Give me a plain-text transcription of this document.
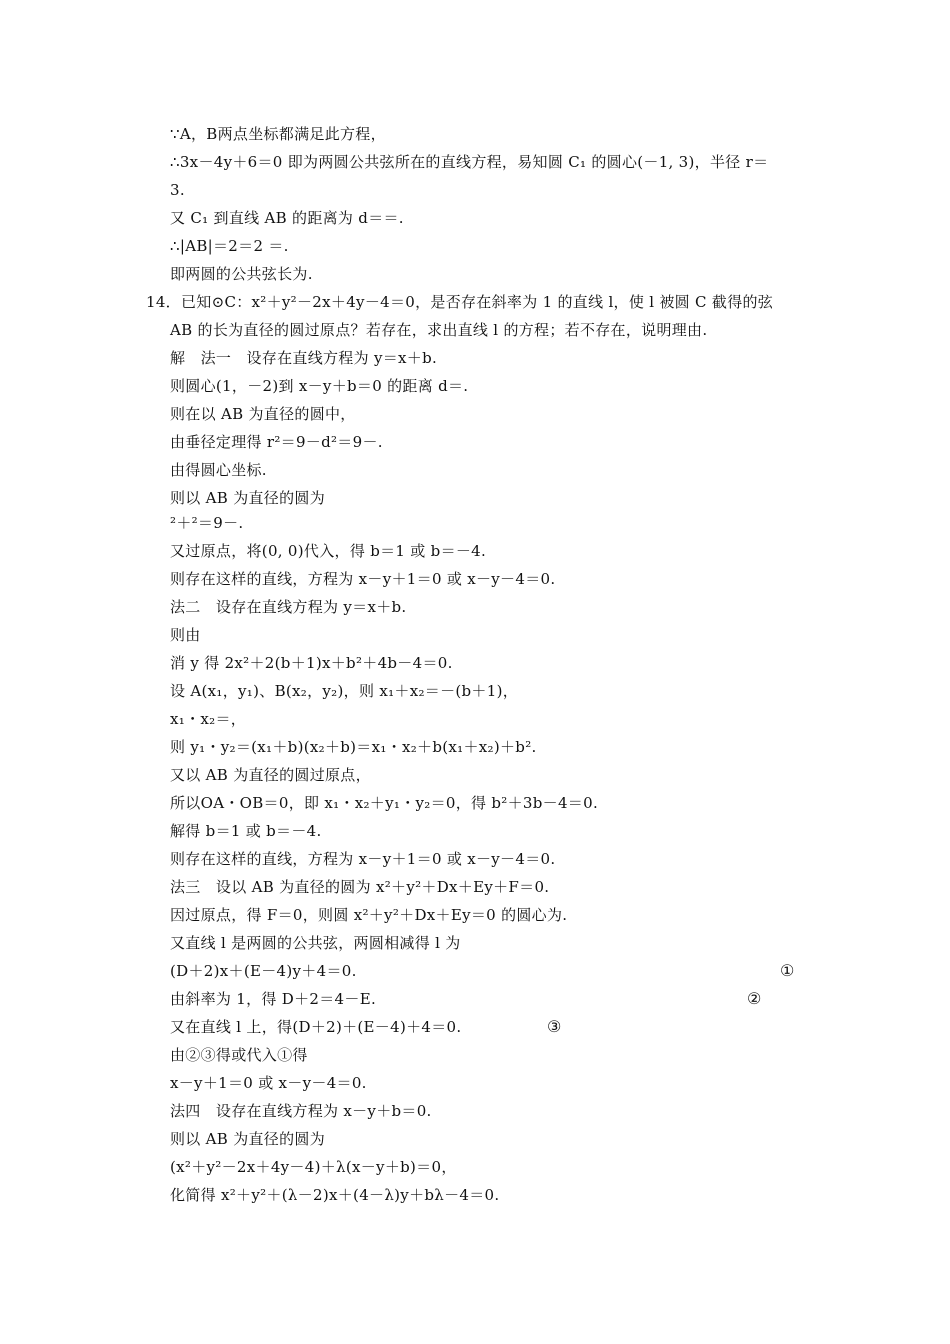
∵A，B两点坐标都满足此方程，
∴3x－4y＋6＝0 即为两圆公共弦所在的直线方程，易知圆 C₁ 的圆心(－1, 3)，半径 r＝
3.
又 C₁ 到直线 AB 的距离为 d＝＝.
∴|AB|＝2＝2 ＝.
即两圆的公共弦长为.
14．已知⊙C：x²＋y²－2x＋4y－4＝0，是否存在斜率为 1 的直线 l，使 l 被圆 C 截得的弦
AB 的长为直径的圆过原点？若存在，求出直线 l 的方程；若不存在，说明理由.
解　法一　设存在直线方程为 y＝x＋b.
则圆心(1，－2)到 x－y＋b＝0 的距离 d＝.
则在以 AB 为直径的圆中，
由垂径定理得 r²＝9－d²＝9－.
由得圆心坐标.
则以 AB 为直径的圆为
²＋²＝9－.
又过原点，将(0, 0)代入，得 b＝1 或 b＝－4.
则存在这样的直线，方程为 x－y＋1＝0 或 x－y－4＝0.
法二　设存在直线方程为 y＝x＋b.
则由
消 y 得 2x²＋2(b＋1)x＋b²＋4b－4＝0.
设 A(x₁，y₁)、B(x₂，y₂)，则 x₁＋x₂＝－(b＋1)，
x₁・x₂＝，
则 y₁・y₂＝(x₁＋b)(x₂＋b)＝x₁・x₂＋b(x₁＋x₂)＋b².
又以 AB 为直径的圆过原点，
所以OA・OB＝0，即 x₁・x₂＋y₁・y₂＝0，得 b²＋3b－4＝0.
解得 b＝1 或 b＝－4.
则存在这样的直线，方程为 x－y＋1＝0 或 x－y－4＝0.
法三　设以 AB 为直径的圆为 x²＋y²＋Dx＋Ey＋F＝0.
因过原点，得 F＝0，则圆 x²＋y²＋Dx＋Ey＝0 的圆心为.
又直线 l 是两圆的公共弦，两圆相减得 l 为
(D＋2)x＋(E－4)y＋4＝0.
由斜率为 1，得 D＋2＝4－E.
又在直线 l 上，得(D＋2)＋(E－4)＋4＝0.
由②③得或代入①得
x－y＋1＝0 或 x－y－4＝0.
法四　设存在直线方程为 x－y＋b＝0.
则以 AB 为直径的圆为
(x²＋y²－2x＋4y－4)＋λ(x－y＋b)＝0，
化简得 x²＋y²＋(λ－2)x＋(4－λ)y＋bλ－4＝0.
①
②
③
